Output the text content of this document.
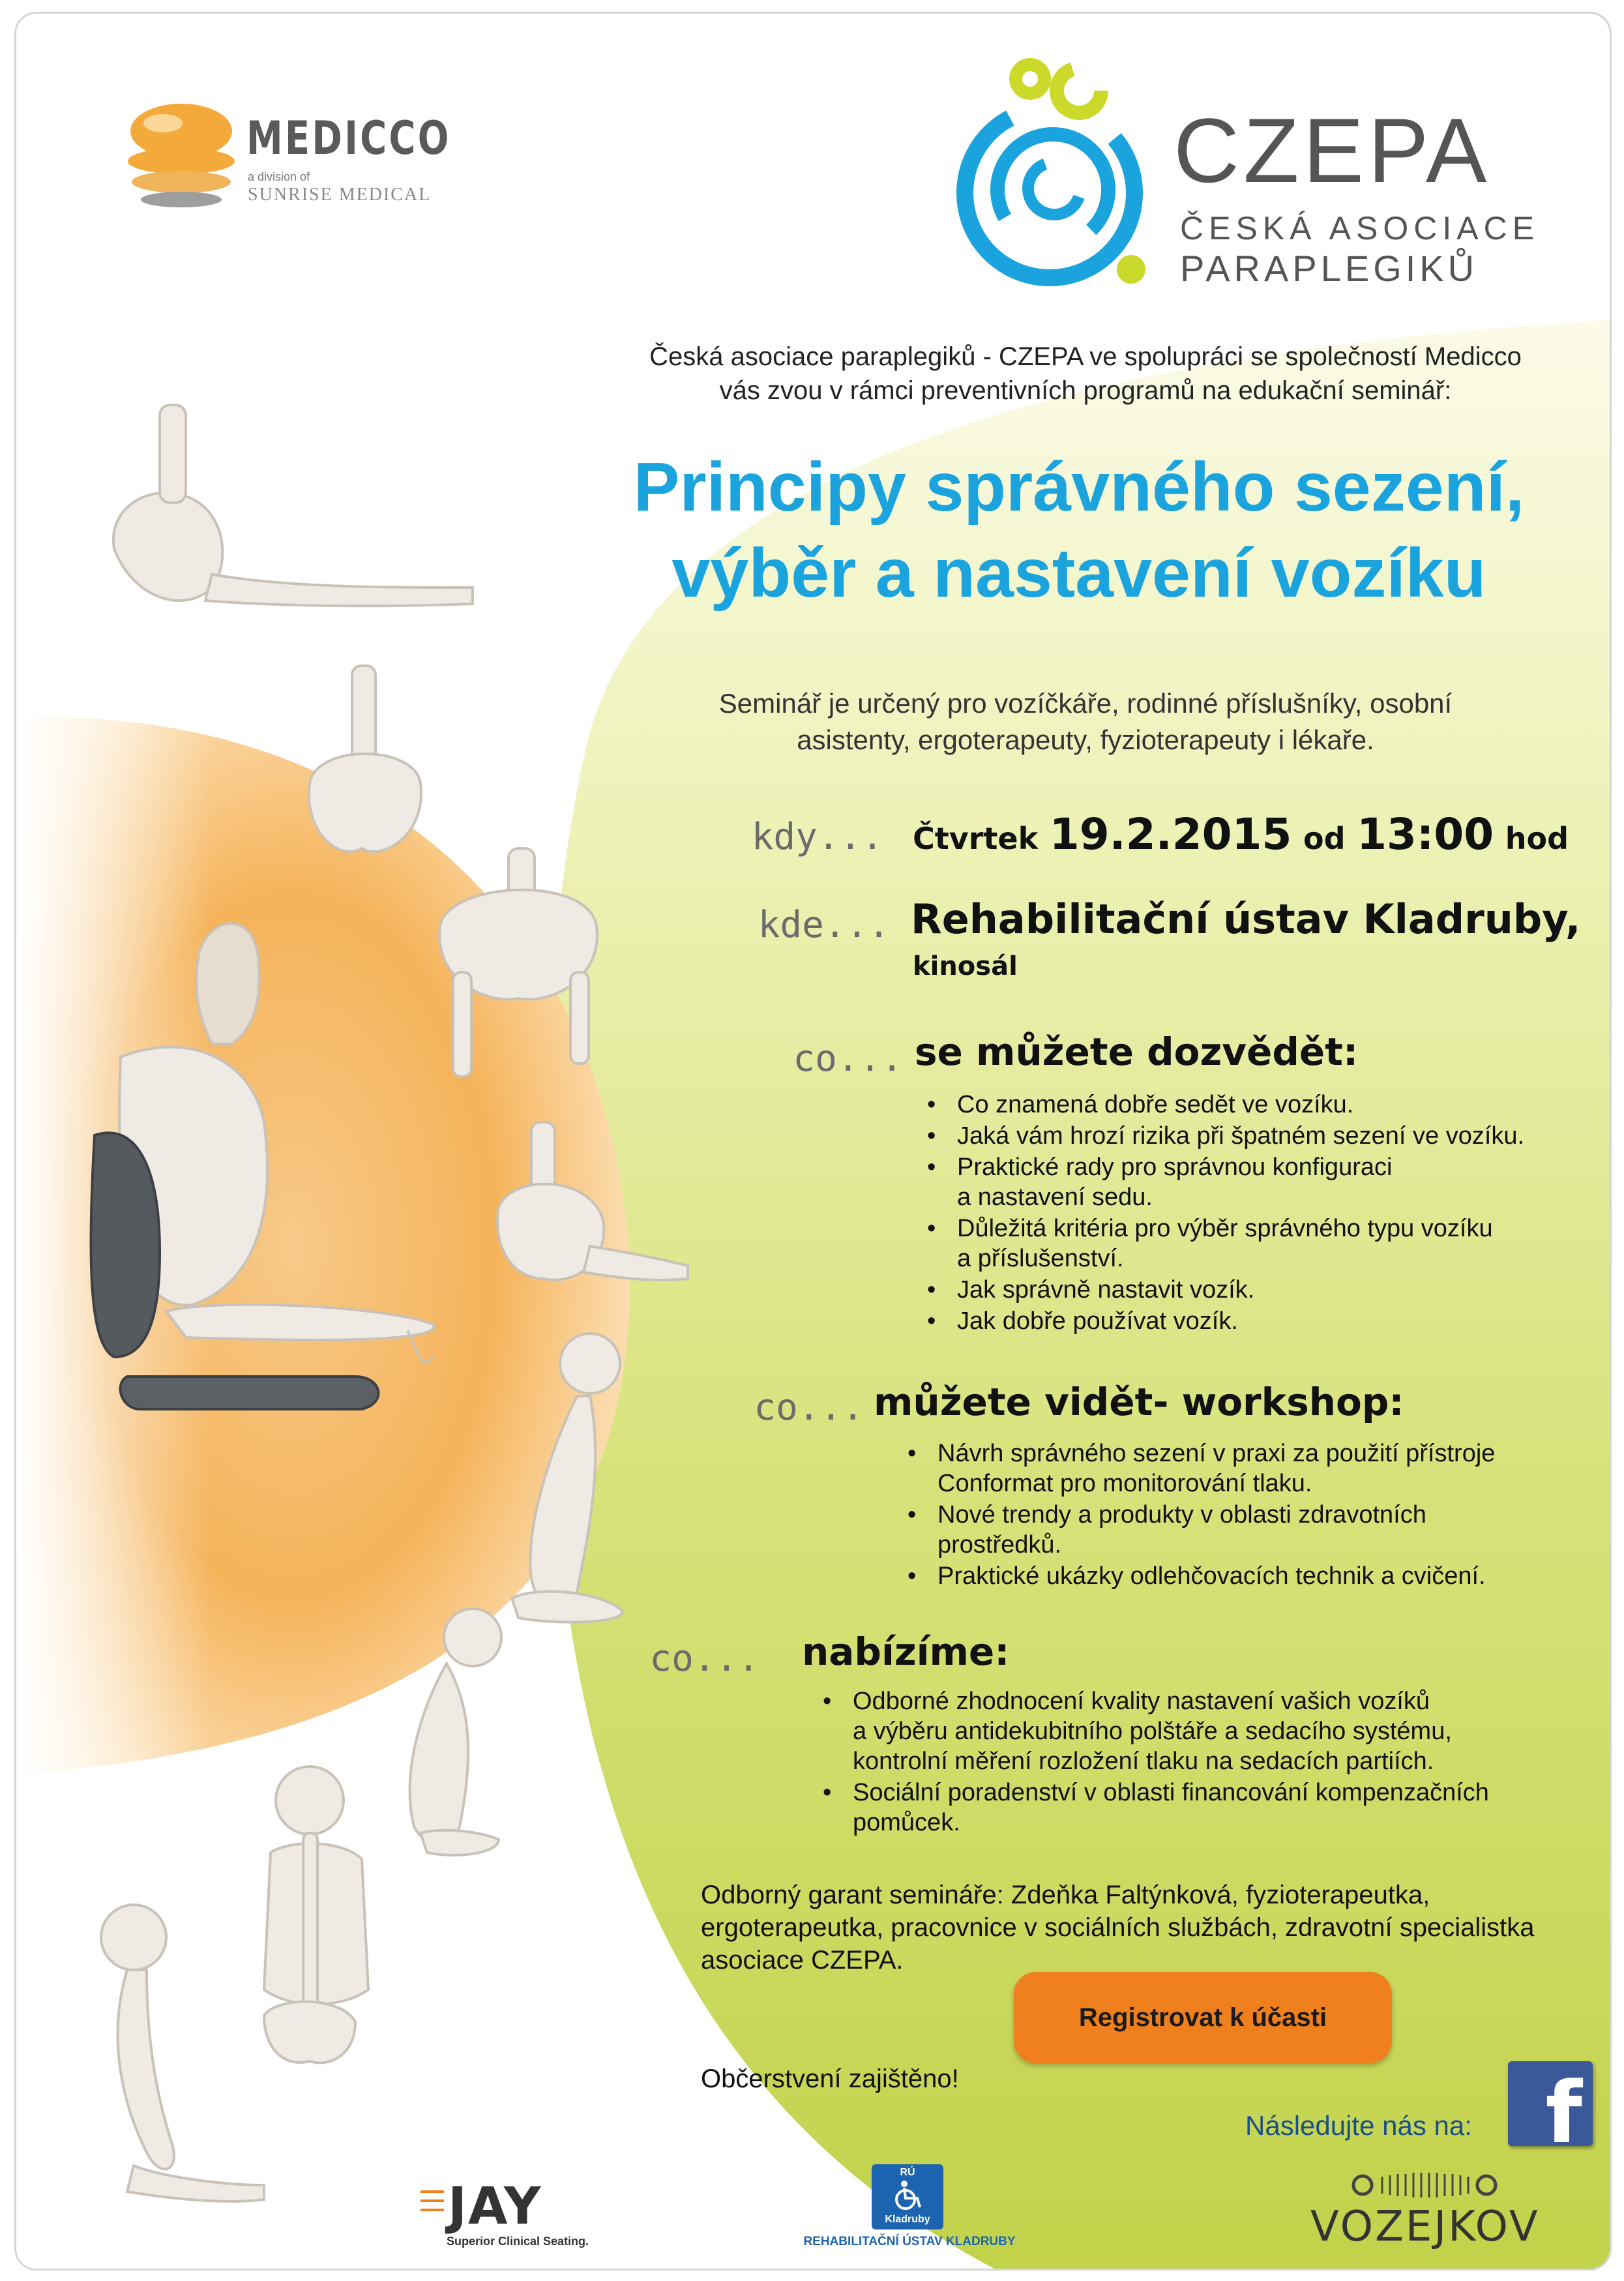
MEDICCO
a division of
SUNRISE MEDICAL	CZEPA
ČESKÁ ASOCIACE
PARAPLEGIKŮ
Česká asociace paraplegiků - CZEPA ve spolupráci se společností Medicco
vás zvou v rámci preventivních programů na edukační seminář:
Principy správného sezení,
výběr a nastavení vozíku
Seminář je určený pro vozíčkáře, rodinné příslušníky, osobní
asistenty, ergoterapeuty, fyzioterapeuty i lékaře.
kdy... Čtvrtek 19.2.2015 od 13:00 hod
kde... Rehabilitační ústav Kladruby,
kinosál
co... se můžete dozvědět:
• Co znamená dobře sedět ve vozíku.
• Jaká vám hrozí rizika při špatném sezení ve vozíku.
• Praktické rady pro správnou konfiguraci
a nastavení sedu.
• Důležitá kritéria pro výběr správného typu vozíku
a příslušenství.
• Jak správně nastavit vozík.
• Jak dobře používat vozík.
co... můžete vidět- workshop:
• Návrh správného sezení v praxi za použití přístroje
Conformat pro monitorování tlaku.
• Nové trendy a produkty v oblasti zdravotních
prostředků.
• Praktické ukázky odlehčovacích technik a cvičení.
co... nabízíme:
• Odborné zhodnocení kvality nastavení vašich vozíků
a výběru antidekubitního polštáře a sedacího systému,
kontrolní měření rozložení tlaku na sedacích partiích.
• Sociální poradenství v oblasti financování kompenzačních
pomůcek.
Odborný garant semináře: Zdeňka Faltýnková, fyzioterapeutka,
ergoterapeutka, pracovnice v sociálních službách, zdravotní specialistka
asociace CZEPA.
Registrovat k účasti
Občerstvení zajištěno!
Následujte nás na: f
JAY
Superior Clinical Seating.
RÚ
Kladruby
REHABILITAČNÍ ÚSTAV KLADRUBY	VOZEJKOV
